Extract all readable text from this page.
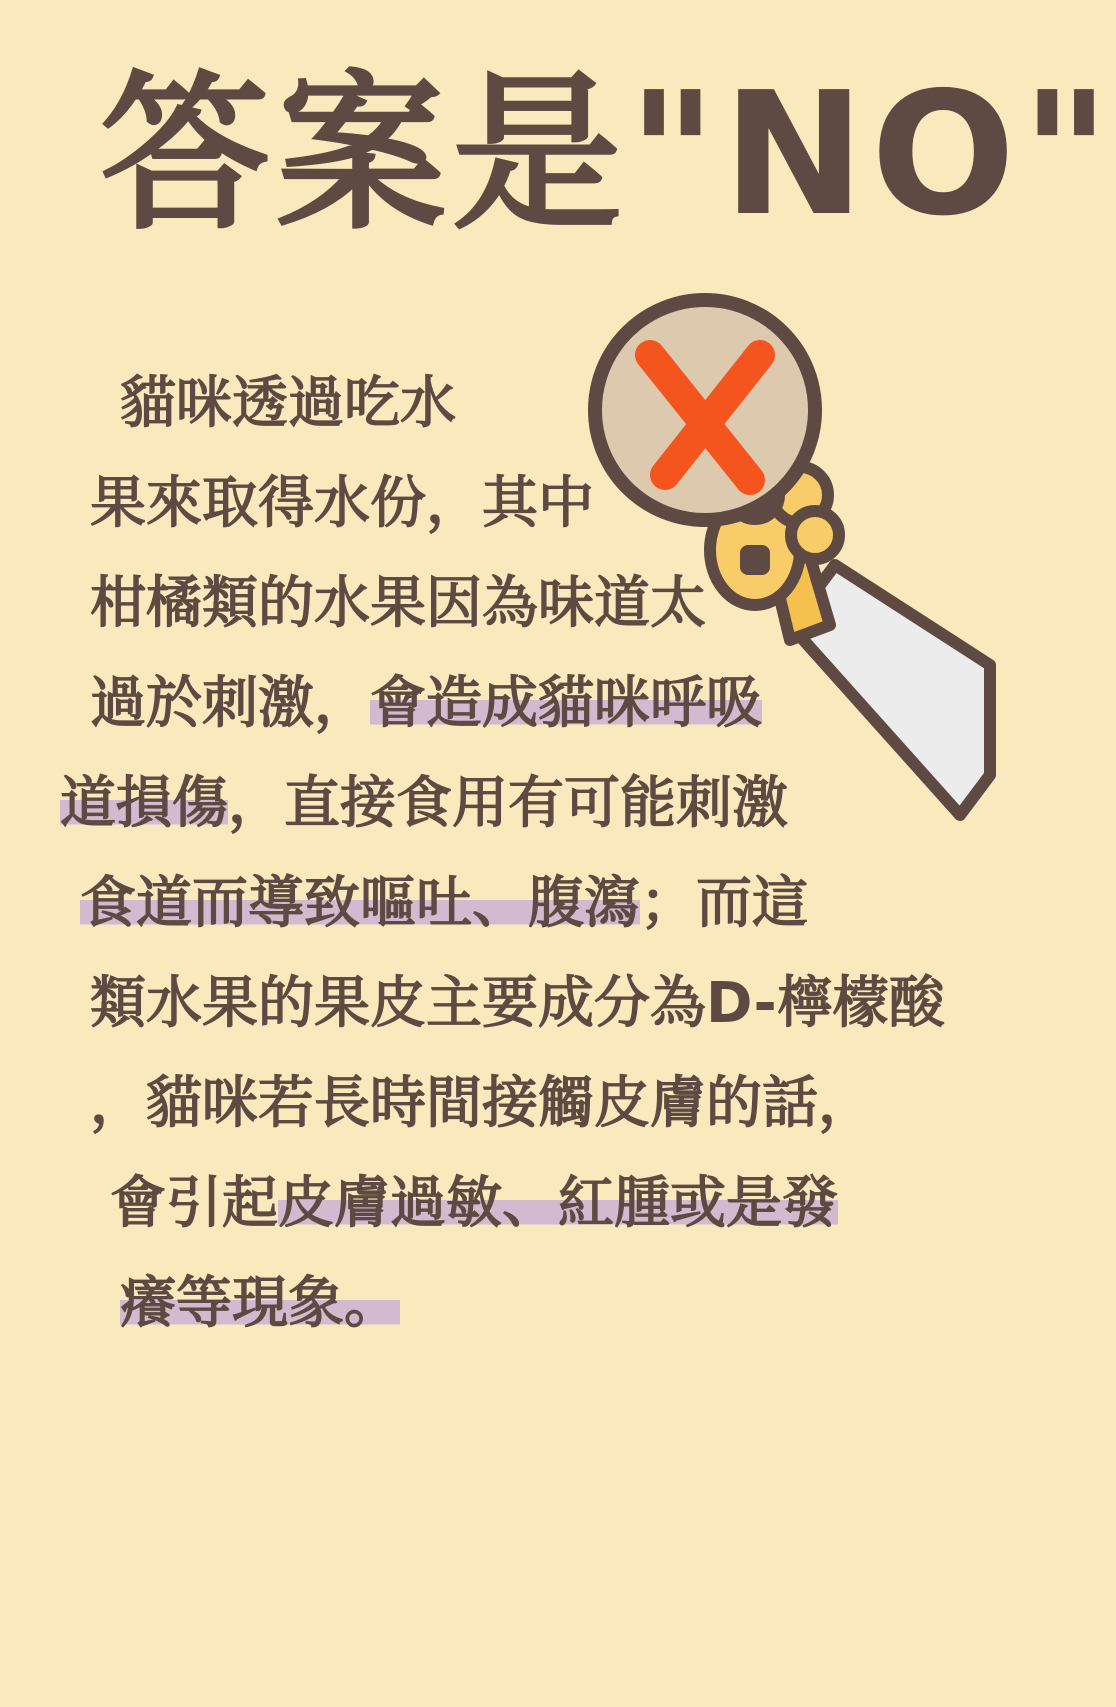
答案是"NO"
貓咪透過吃水
果來取得水份，其中
柑橘類的水果因為味道太
過於刺激，會造成貓咪呼吸
道損傷，直接食用有可能刺激
食道而導致嘔吐、腹瀉；而這
類水果的果皮主要成分為D-檸檬酸
，貓咪若長時間接觸皮膚的話，
會引起皮膚過敏、紅腫或是發
癢等現象。
